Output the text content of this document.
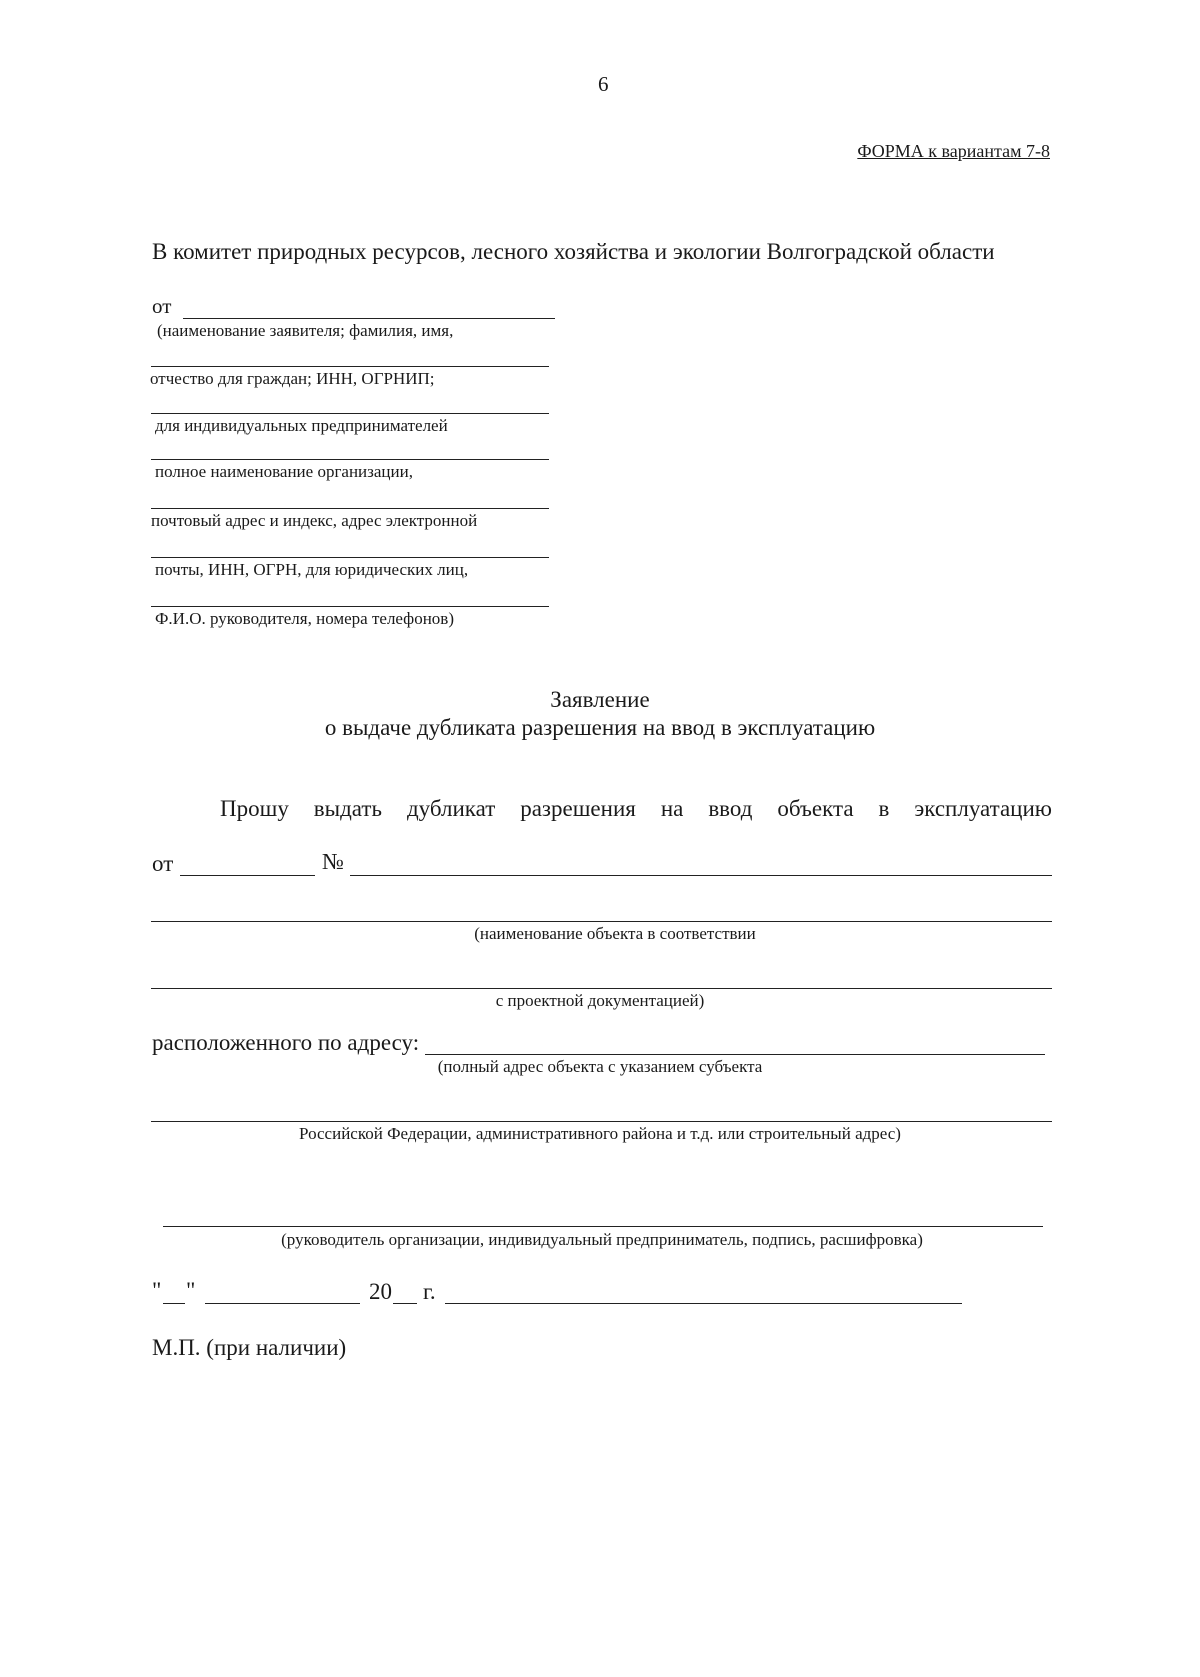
6
ФОРМА к вариантам 7-8
В комитет природных ресурсов, лесного хозяйства и экологии Волгоградской области
от
(наименование заявителя; фамилия, имя,
отчество для граждан; ИНН, ОГРНИП;
для индивидуальных предпринимателей
полное наименование организации,
почтовый адрес и индекс, адрес электронной
почты, ИНН, ОГРН, для юридических лиц,
Ф.И.О. руководителя, номера телефонов)
Заявление
о выдаче дубликата разрешения на ввод в эксплуатацию
Прошу выдать дубликат разрешения на ввод объекта в эксплуатацию
от	№
(наименование объекта в соответствии
с проектной документацией)
расположенного по адресу:
(полный адрес объекта с указанием субъекта
Российской Федерации, административного района и т.д. или строительный адрес)
(руководитель организации, индивидуальный предприниматель, подпись, расшифровка)
" "	20 г.
М.П. (при наличии)
